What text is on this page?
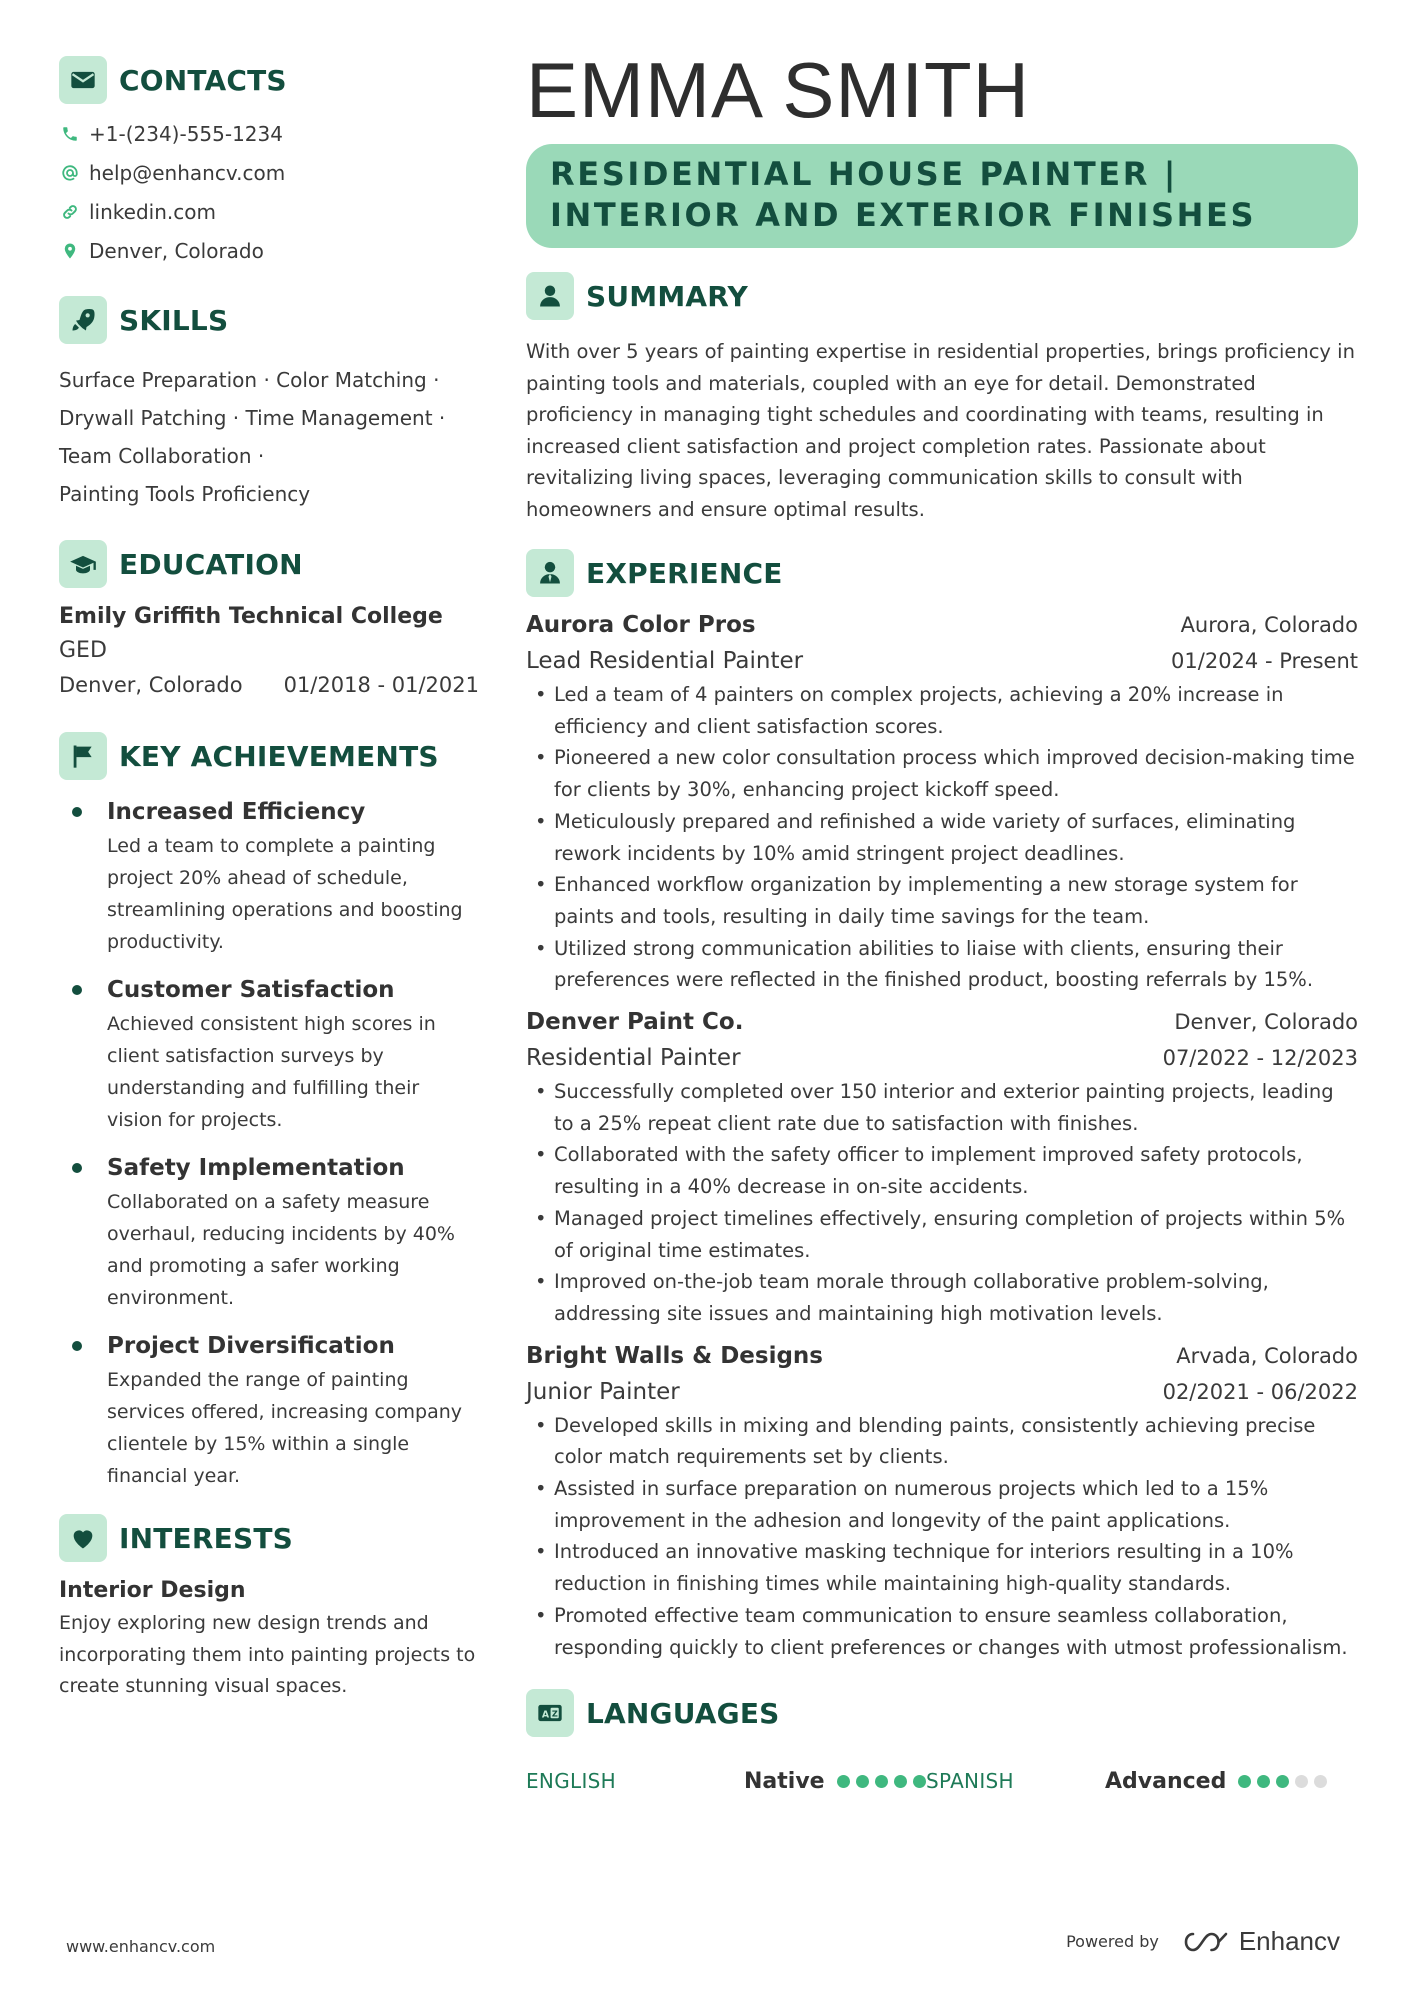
CONTACTS
+1-(234)-555-1234
help@enhancv.com
linkedin.com
Denver, Colorado
SKILLS
Surface Preparation · Color Matching ·
Drywall Patching · Time Management ·
Team Collaboration ·
Painting Tools Proficiency
EDUCATION
Emily Griffith Technical College
GED
Denver, Colorado 01/2018 - 01/2021
KEY ACHIEVEMENTS
Increased Efficiency
Led a team to complete a painting project 20% ahead of schedule, streamlining operations and boosting productivity.
Customer Satisfaction
Achieved consistent high scores in client satisfaction surveys by understanding and fulfilling their vision for projects.
Safety Implementation
Collaborated on a safety measure overhaul, reducing incidents by 40% and promoting a safer working environment.
Project Diversification
Expanded the range of painting services offered, increasing company clientele by 15% within a single financial year.
INTERESTS
Interior Design
Enjoy exploring new design trends and incorporating them into painting projects to create stunning visual spaces.
EMMA SMITH
RESIDENTIAL HOUSE PAINTER | INTERIOR AND EXTERIOR FINISHES
SUMMARY
With over 5 years of painting expertise in residential properties, brings proficiency in painting tools and materials, coupled with an eye for detail. Demonstrated proficiency in managing tight schedules and coordinating with teams, resulting in increased client satisfaction and project completion rates. Passionate about revitalizing living spaces, leveraging communication skills to consult with homeowners and ensure optimal results.
EXPERIENCE
Aurora Color Pros	Aurora, Colorado
Lead Residential Painter	01/2024 - Present
• Led a team of 4 painters on complex projects, achieving a 20% increase in efficiency and client satisfaction scores.
• Pioneered a new color consultation process which improved decision-making time for clients by 30%, enhancing project kickoff speed.
• Meticulously prepared and refinished a wide variety of surfaces, eliminating rework incidents by 10% amid stringent project deadlines.
• Enhanced workflow organization by implementing a new storage system for paints and tools, resulting in daily time savings for the team.
• Utilized strong communication abilities to liaise with clients, ensuring their preferences were reflected in the finished product, boosting referrals by 15%.
Denver Paint Co.	Denver, Colorado
Residential Painter	07/2022 - 12/2023
• Successfully completed over 150 interior and exterior painting projects, leading to a 25% repeat client rate due to satisfaction with finishes.
• Collaborated with the safety officer to implement improved safety protocols, resulting in a 40% decrease in on-site accidents.
• Managed project timelines effectively, ensuring completion of projects within 5% of original time estimates.
• Improved on-the-job team morale through collaborative problem-solving, addressing site issues and maintaining high motivation levels.
Bright Walls & Designs	Arvada, Colorado
Junior Painter	02/2021 - 06/2022
• Developed skills in mixing and blending paints, consistently achieving precise color match requirements set by clients.
• Assisted in surface preparation on numerous projects which led to a 15% improvement in the adhesion and longevity of the paint applications.
• Introduced an innovative masking technique for interiors resulting in a 10% reduction in finishing times while maintaining high-quality standards.
• Promoted effective team communication to ensure seamless collaboration, responding quickly to client preferences or changes with utmost professionalism.
A Z LANGUAGES
ENGLISH	Native	SPANISH	Advanced
www.enhancv.com	Powered by	Enhancv
